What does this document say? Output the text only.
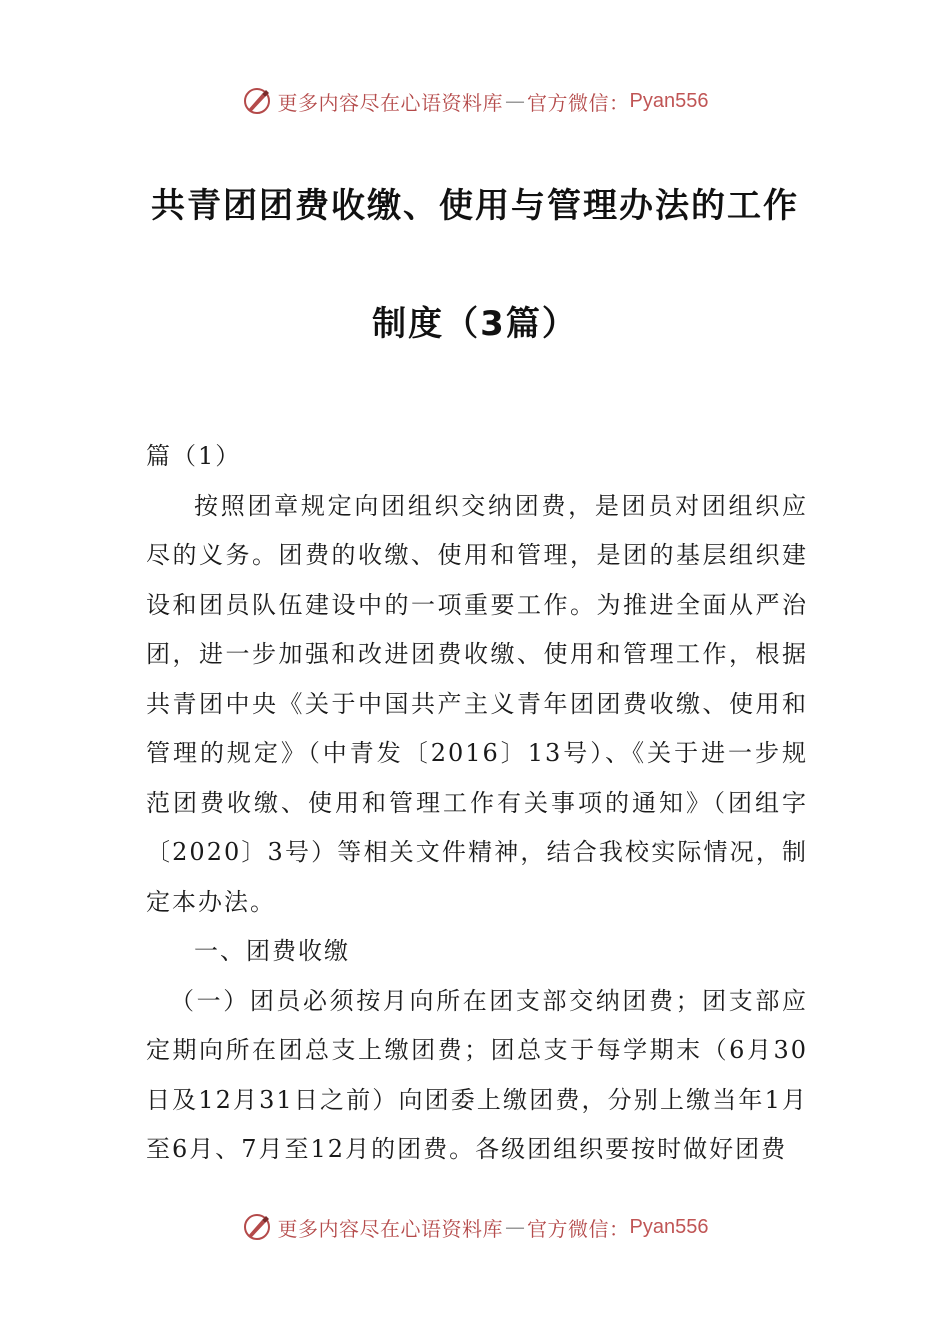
更多内容尽在心语资料库 — 官方微信： Pyan556
共青团团费收缴、使用与管理办法的工作
制度（3篇）

篇（1）

按照团章规定向团组织交纳团费，是团员对团组织应尽的义务。团费的收缴、使用和管理，是团的基层组织建设和团员队伍建设中的一项重要工作。为推进全面从严治团，进一步加强和改进团费收缴、使用和管理工作，根据共青团中央《关于中国共产主义青年团团费收缴、使用和管理的规定》（中青发〔2016〕13号）、《关于进一步规范团费收缴、使用和管理工作有关事项的通知》（团组字〔2020〕3号）等相关文件精神，结合我校实际情况，制定本办法。

一、团费收缴

（一）团员必须按月向所在团支部交纳团费；团支部应定期向所在团总支上缴团费；团总支于每学期末（6月30日及12月31日之前）向团委上缴团费，分别上缴当年1月至6月、7月至12月的团费。各级团组织要按时做好团费

更多内容尽在心语资料库 — 官方微信： Pyan556
